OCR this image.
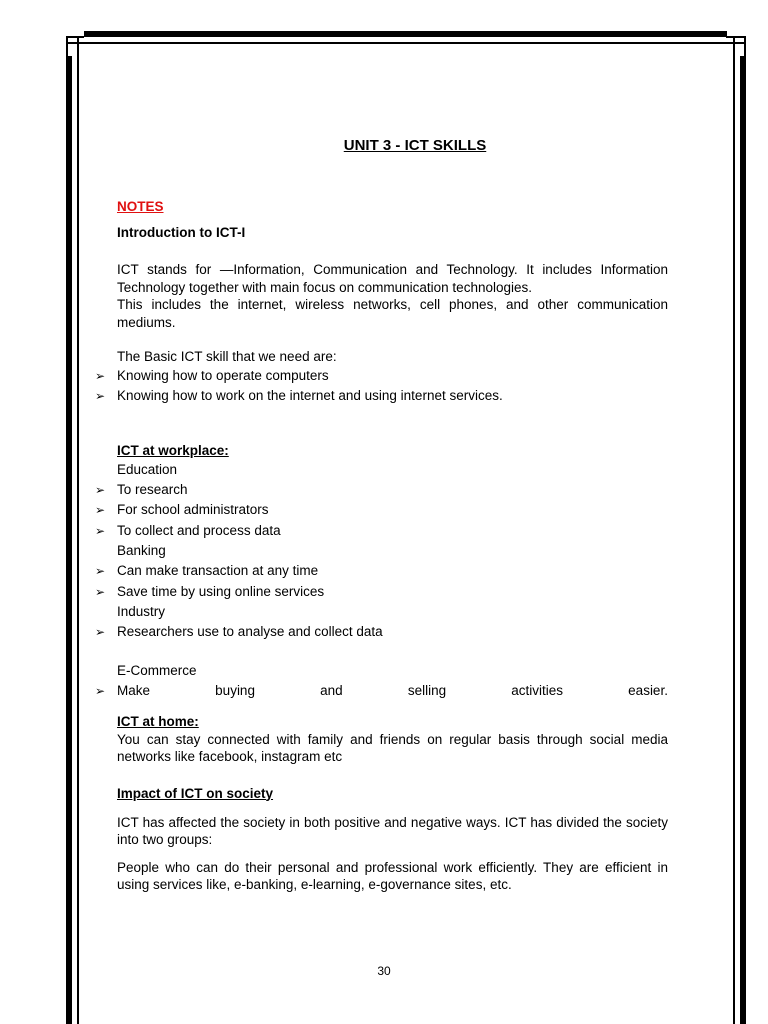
UNIT 3 - ICT SKILLS
NOTES
Introduction to ICT-I

ICT stands for —Information, Communication and Technology. It includes Information Technology together with main focus on communication technologies.

This includes the internet, wireless networks, cell phones, and other communication mediums.

The Basic ICT skill that we need are:
➢ Knowing how to operate computers
➢ Knowing how to work on the internet and using internet services.
ICT at workplace:
Education
➢ To research
➢ For school administrators
➢ To collect and process data
Banking
➢ Can make transaction at any time
➢ Save time by using online services
Industry
➢ Researchers use to analyse and collect data
E-Commerce
➢ Make	buying	and	selling	activities	easier.
ICT at home:

You can stay connected with family and friends on regular basis through social media networks like facebook, instagram etc

Impact of ICT on society

ICT has affected the society in both positive and negative ways. ICT has divided the society into two groups:

People who can do their personal and professional work efficiently. They are efficient in using services like, e-banking, e-learning, e-governance sites, etc.

30
